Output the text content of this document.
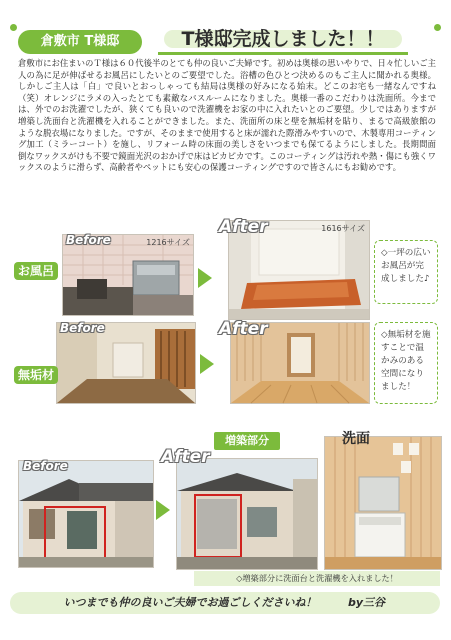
倉敷市 T様邸	T様邸完成しました！！
倉敷市にお住まいのＴ様は６０代後半のとても仲の良いご夫婦です。初めは奥様の思いやりで、日々忙しいご主人の為に足が伸ばせるお風呂にしたいとのご要望でした。浴槽の色ひとつ決めるのもご主人に聞かれる奥様。しかしご主人は「白」で良いとおっしゃっても結局は奥様の好みになる始末。どこのお宅も一緒なんですね（笑）オレンジにラメの入ったとても素敵なバスルームになりました。奥様一番のこだわりは洗面所。今までは、外でのお洗濯でしたが、狭くても良いので洗濯機をお家の中に入れたいとのご要望。少しではありますが増築し洗面台と洗濯機を入れることができました。また、洗面所の床と壁を無垢材を貼り、まるで高級旅館のような脱衣場になりました。ですが、そのままで使用すると床が濡れた際滑みやすいので、木製専用コーティング加工（ミラーコート）を施し、リフォーム時の床面の美しさをいつまでも保てるようにしました。長期間面倒なワックスがけも不要で鏡面光沢のおかげで床はピカピカです。このコーティングは汚れや熱・傷にも強くワックスのように滑らず、高齢者やペットにも安心の保護コーティングですので皆さんにもお勧めです。
Before	1216サイズ
After	1616サイズ
お風呂
◇一坪の広いお風呂が完成しました♪
Before	After
無垢材
◇無垢材を施すことで温かみのある空間になりました！
Before	After
増築部分	洗面
◇増築部分に洗面台と洗濯機を入れました！
いつまでも仲の良いご夫婦でお過ごしくださいね！	by三谷
